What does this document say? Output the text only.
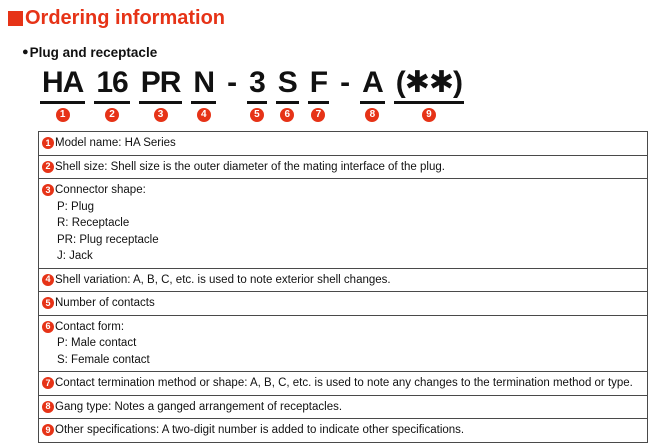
Ordering information
● Plug and receptacle
HA
1
16
2
PR
3
N
4
- 3
5
S
6
F
7
- A
8
(✱✱)
9
1 Model name: HA Series

2 Shell size: Shell size is the outer diameter of the mating interface of the plug.

3 Connector shape:
P: Plug
R: Receptacle
PR: Plug receptacle
J: Jack

4 Shell variation: A, B, C, etc. is used to note exterior shell changes.

5 Number of contacts

6 Contact form:
P: Male contact
S: Female contact

7 Contact termination method or shape: A, B, C, etc. is used to note any changes to the termination method or type.

8 Gang type: Notes a ganged arrangement of receptacles.

9 Other specifications: A two-digit number is added to indicate other specifications.
